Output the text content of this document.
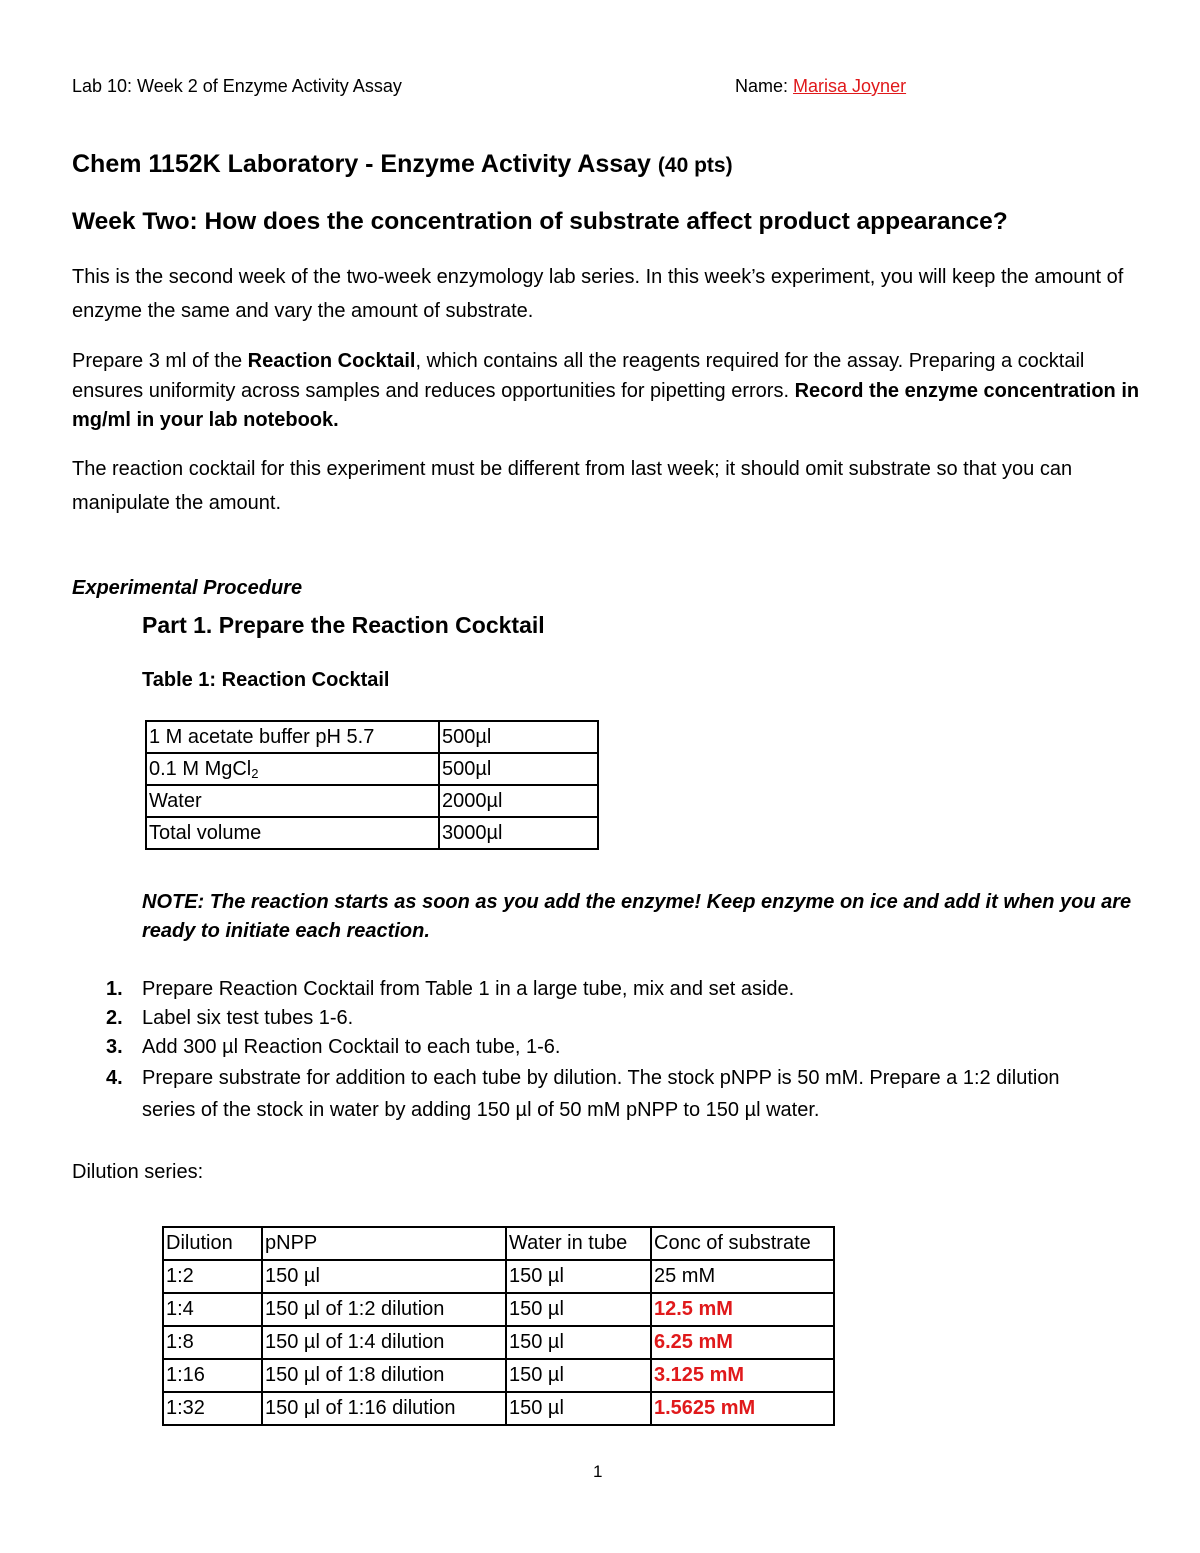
Lab 10: Week 2 of Enzyme Activity Assay	Name: Marisa Joyner
Chem 1152K Laboratory - Enzyme Activity Assay (40 pts)
Week Two: How does the concentration of substrate affect product appearance?
This is the second week of the two-week enzymology lab series. In this week’s experiment, you will keep the amount of enzyme the same and vary the amount of substrate.
Prepare 3 ml of the Reaction Cocktail, which contains all the reagents required for the assay. Preparing a cocktail ensures uniformity across samples and reduces opportunities for pipetting errors. Record the enzyme concentration in mg/ml in your lab notebook.
The reaction cocktail for this experiment must be different from last week; it should omit substrate so that you can manipulate the amount.
Experimental Procedure
Part 1. Prepare the Reaction Cocktail
Table 1: Reaction Cocktail
1 M acetate buffer pH 5.7	500µl
0.1 M MgCl$_2$	500µl
Water	2000µl
Total volume	3000µl
NOTE: The reaction starts as soon as you add the enzyme! Keep enzyme on ice and add it when you are ready to initiate each reaction.
1. Prepare Reaction Cocktail from Table 1 in a large tube, mix and set aside.
2. Label six test tubes 1-6.
3. Add 300 µl Reaction Cocktail to each tube, 1-6.
4. Prepare substrate for addition to each tube by dilution. The stock pNPP is 50 mM. Prepare a 1:2 dilution series of the stock in water by adding 150 µl of 50 mM pNPP to 150 µl water.
Dilution series:
Dilution	pNPP	Water in tube	Conc of substrate
1:2	150 µl	150 µl	25 mM
1:4	150 µl of 1:2 dilution	150 µl	12.5 mM
1:8	150 µl of 1:4 dilution	150 µl	6.25 mM
1:16	150 µl of 1:8 dilution	150 µl	3.125 mM
1:32	150 µl of 1:16 dilution	150 µl	1.5625 mM
1
